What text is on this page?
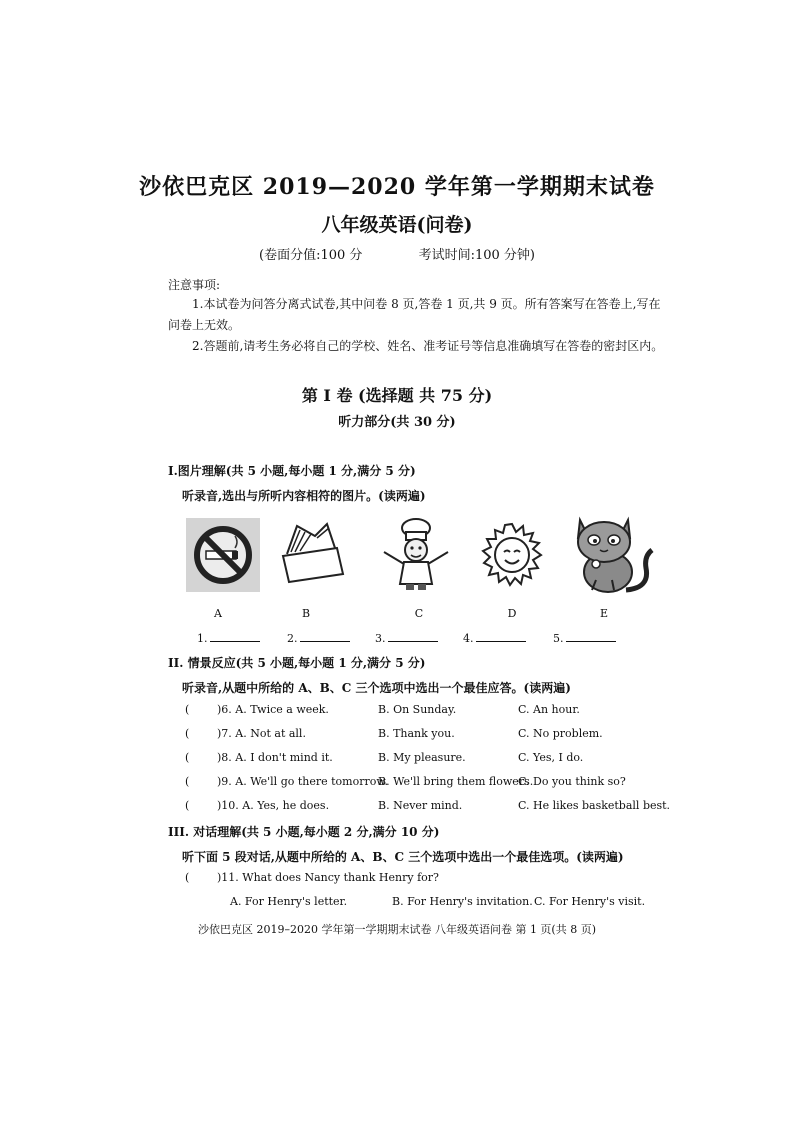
沙依巴克区 2019—2020 学年第一学期期末试卷
八年级英语(问卷)
(卷面分值:100 分	考试时间:100 分钟)
注意事项:
1.本试卷为问答分离式试卷,其中问卷 8 页,答卷 1 页,共 9 页。所有答案写在答卷上,写在问卷上无效。
2.答题前,请考生务必将自己的学校、姓名、准考证号等信息准确填写在答卷的密封区内。
第 I 卷 (选择题 共 75 分)
听力部分(共 30 分)
Ⅰ.图片理解(共 5 小题,每小题 1 分,满分 5 分)
听录音,选出与所听内容相符的图片。(读两遍)
A	B	C	D	E
1.	2.	3.	4.	5.
II. 情景反应(共 5 小题,每小题 1 分,满分 5 分)
听录音,从题中所给的 A、B、C 三个选项中选出一个最佳应答。(读两遍)
(	)6. A. Twice a week.	B. On Sunday.	C. An hour.
(	)7. A. Not at all.	B. Thank you.	C. No problem.
(	)8. A. I don't mind it.	B. My pleasure.	C. Yes, I do.
(	)9. A. We'll go there tomorrow.
B. We'll bring them flowers.
C. Do you think so?
(	)10. A. Yes, he does.	B. Never mind.	C. He likes basketball best.
III. 对话理解(共 5 小题,每小题 2 分,满分 10 分)
听下面 5 段对话,从题中所给的 A、B、C 三个选项中选出一个最佳选项。(读两遍)
(	)11. What does Nancy thank Henry for?
A. For Henry's letter.	B. For Henry's invitation. C. For Henry's visit.
沙依巴克区 2019–2020 学年第一学期期末试卷 八年级英语问卷 第 1 页(共 8 页)
